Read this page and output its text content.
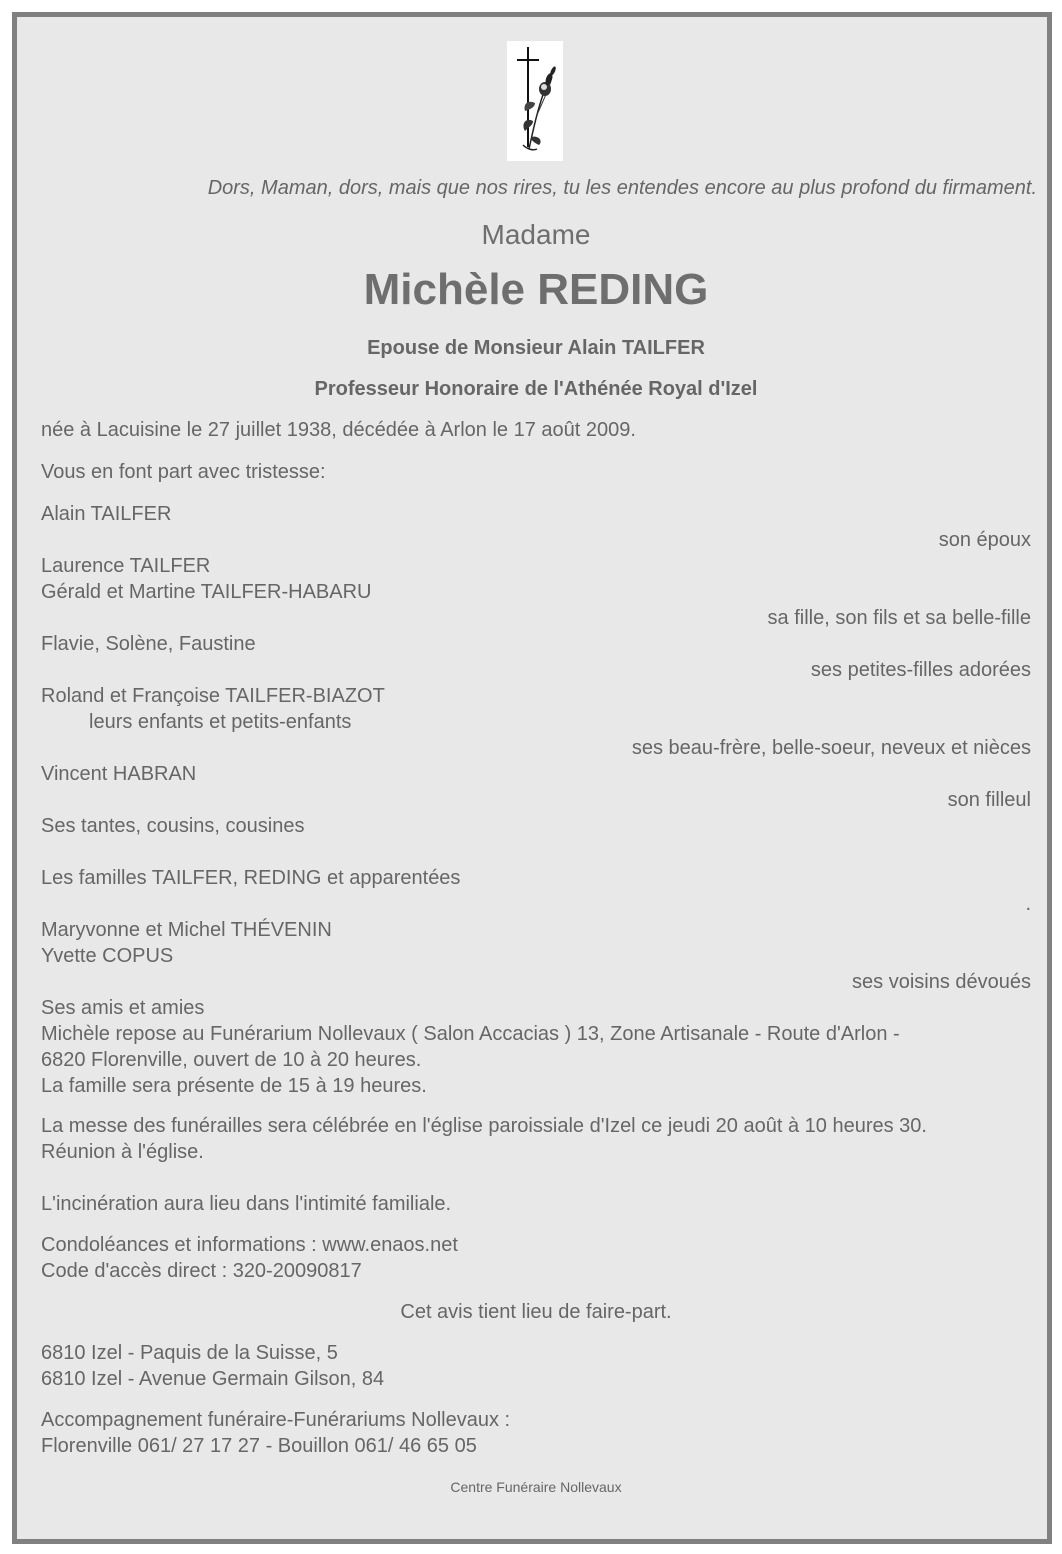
Dors, Maman, dors, mais que nos rires, tu les entendes encore au plus profond du firmament.
Madame
Michèle REDING
Epouse de Monsieur Alain TAILFER
Professeur Honoraire de l'Athénée Royal d'Izel
née à Lacuisine le 27 juillet 1938, décédée à Arlon le 17 août 2009.
Vous en font part avec tristesse:
Alain TAILFER
son époux
Laurence TAILFER
Gérald et Martine TAILFER-HABARU
sa fille, son fils et sa belle-fille
Flavie, Solène, Faustine
ses petites-filles adorées
Roland et Françoise TAILFER-BIAZOT
leurs enfants et petits-enfants
ses beau-frère, belle-soeur, neveux et nièces
Vincent HABRAN
son filleul
Ses tantes, cousins, cousines
Les familles TAILFER, REDING et apparentées
.
Maryvonne et Michel THÉVENIN
Yvette COPUS
ses voisins dévoués
Ses amis et amies
Michèle repose au Funérarium Nollevaux ( Salon Accacias ) 13, Zone Artisanale - Route d'Arlon -
6820 Florenville, ouvert de 10 à 20 heures.
La famille sera présente de 15 à 19 heures.
La messe des funérailles sera célébrée en l'église paroissiale d'Izel ce jeudi 20 août à 10 heures 30.
Réunion à l'église.
L'incinération aura lieu dans l'intimité familiale.
Condoléances et informations : www.enaos.net
Code d'accès direct : 320-20090817
Cet avis tient lieu de faire-part.
6810 Izel - Paquis de la Suisse, 5
6810 Izel - Avenue Germain Gilson, 84
Accompagnement funéraire-Funérariums Nollevaux :
Florenville 061/ 27 17 27 - Bouillon 061/ 46 65 05
Centre Funéraire Nollevaux
